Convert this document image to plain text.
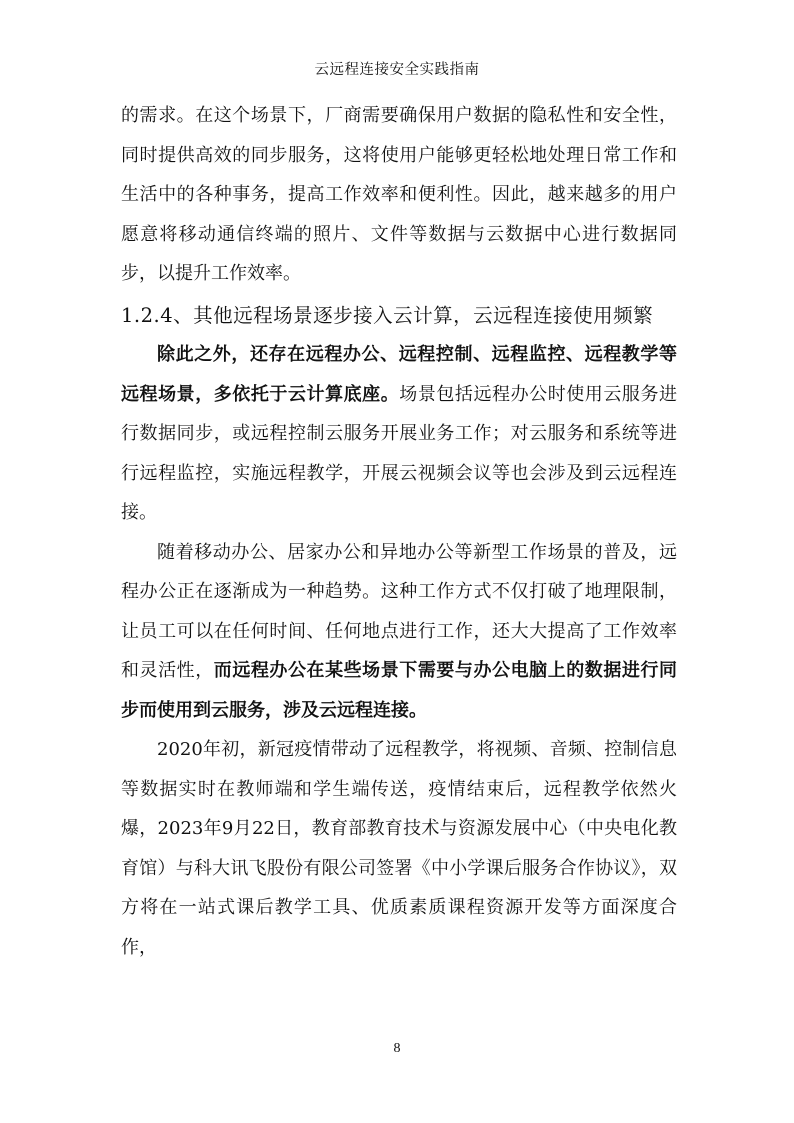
云远程连接安全实践指南

的需求。在这个场景下，厂商需要确保用户数据的隐私性和安全性，同时提供高效的同步服务，这将使用户能够更轻松地处理日常工作和生活中的各种事务，提高工作效率和便利性。因此，越来越多的用户愿意将移动通信终端的照片、文件等数据与云数据中心进行数据同步，以提升工作效率。

1.2.4、其他远程场景逐步接入云计算，云远程连接使用频繁

除此之外，还存在远程办公、远程控制、远程监控、远程教学等远程场景，多依托于云计算底座。场景包括远程办公时使用云服务进行数据同步，或远程控制云服务开展业务工作；对云服务和系统等进行远程监控，实施远程教学，开展云视频会议等也会涉及到云远程连接。

随着移动办公、居家办公和异地办公等新型工作场景的普及，远程办公正在逐渐成为一种趋势。这种工作方式不仅打破了地理限制，让员工可以在任何时间、任何地点进行工作，还大大提高了工作效率和灵活性，而远程办公在某些场景下需要与办公电脑上的数据进行同步而使用到云服务，涉及云远程连接。

2020年初，新冠疫情带动了远程教学，将视频、音频、控制信息等数据实时在教师端和学生端传送，疫情结束后，远程教学依然火爆，2023年9月22日，教育部教育技术与资源发展中心（中央电化教育馆）与科大讯飞股份有限公司签署《中小学课后服务合作协议》，双方将在一站式课后教学工具、优质素质课程资源开发等方面深度合作，

8
